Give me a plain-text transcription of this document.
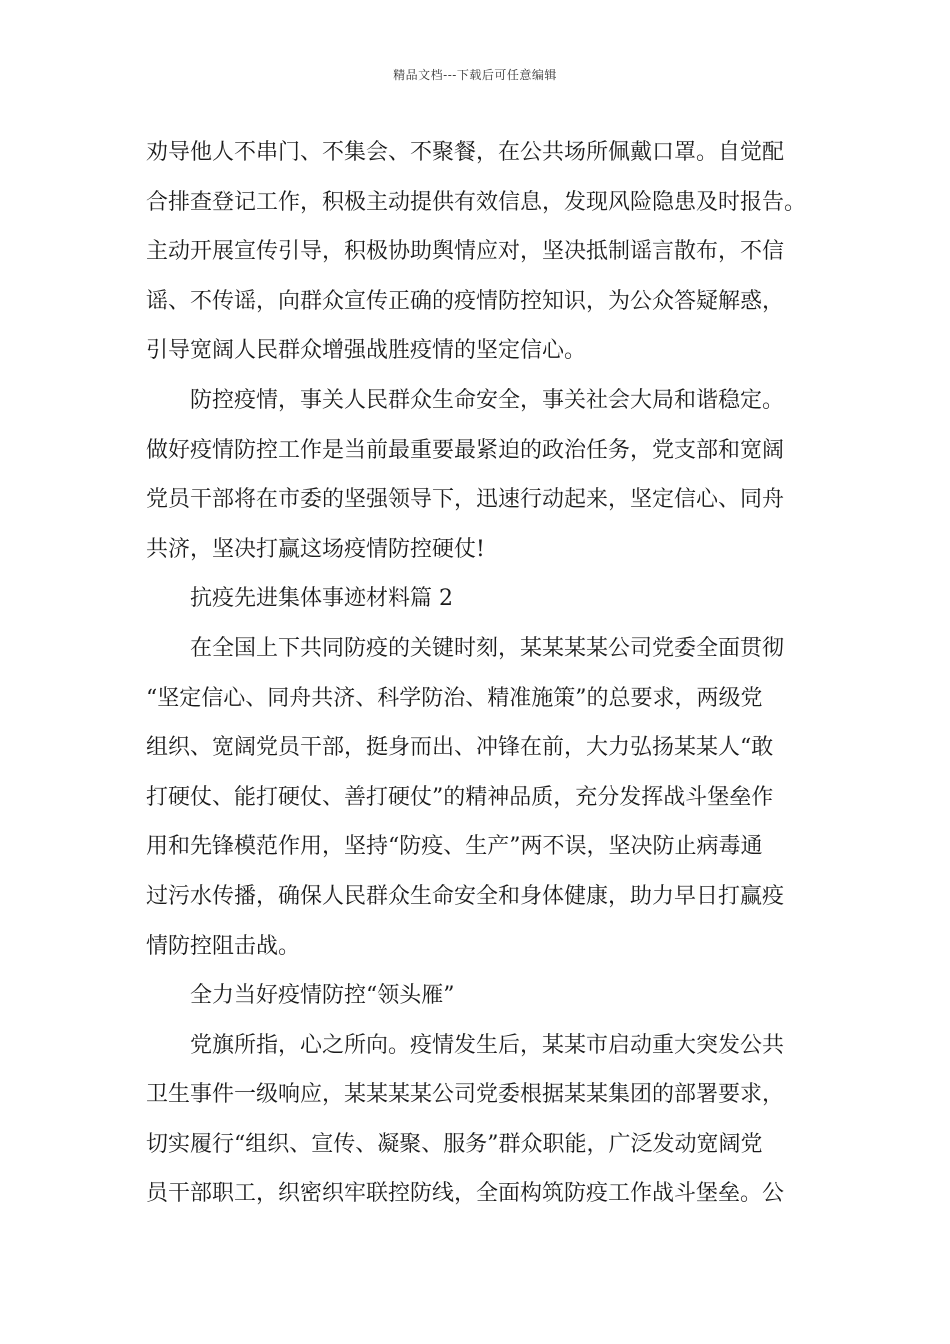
精品文档---下载后可任意编辑

劝导他人不串门、不集会、不聚餐，在公共场所佩戴口罩。自觉配

合排查登记工作，积极主动提供有效信息，发现风险隐患及时报告。

主动开展宣传引导，积极协助舆情应对，坚决抵制谣言散布，不信

谣、不传谣，向群众宣传正确的疫情防控知识，为公众答疑解惑，

引导宽阔人民群众增强战胜疫情的坚定信心。

防控疫情，事关人民群众生命安全，事关社会大局和谐稳定。

做好疫情防控工作是当前最重要最紧迫的政治任务，党支部和宽阔

党员干部将在市委的坚强领导下，迅速行动起来，坚定信心、同舟

共济，坚决打赢这场疫情防控硬仗!

抗疫先进集体事迹材料篇 2

在全国上下共同防疫的关键时刻，某某某某公司党委全面贯彻

“坚定信心、同舟共济、科学防治、精准施策”的总要求，两级党

组织、宽阔党员干部，挺身而出、冲锋在前，大力弘扬某某人“敢

打硬仗、能打硬仗、善打硬仗”的精神品质，充分发挥战斗堡垒作

用和先锋模范作用，坚持“防疫、生产”两不误，坚决防止病毒通

过污水传播，确保人民群众生命安全和身体健康，助力早日打赢疫

情防控阻击战。

全力当好疫情防控“领头雁”

党旗所指，心之所向。疫情发生后，某某市启动重大突发公共

卫生事件一级响应，某某某某公司党委根据某某集团的部署要求，

切实履行“组织、宣传、凝聚、服务”群众职能，广泛发动宽阔党

员干部职工，织密织牢联控防线，全面构筑防疫工作战斗堡垒。公
